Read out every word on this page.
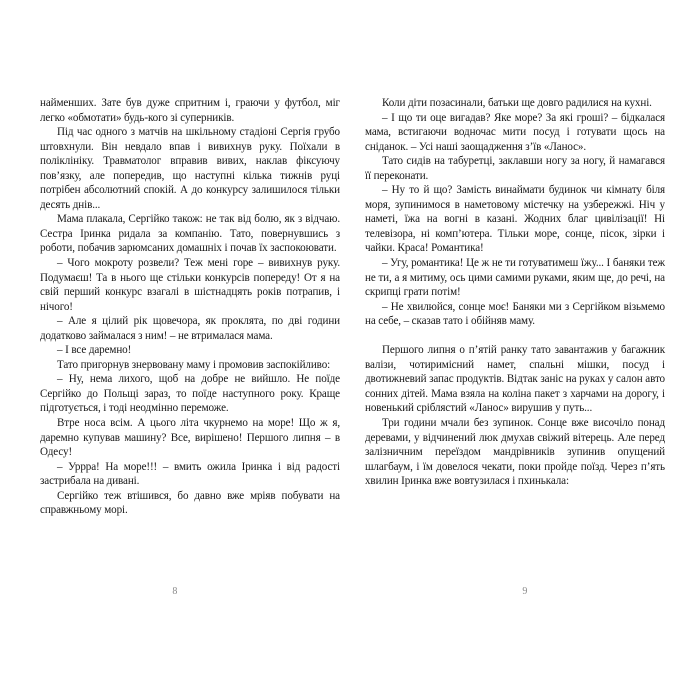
найменших. Зате був дуже спритним і, граючи у футбол, міг легко «обмотати» будь-кого зі суперників.

Під час одного з матчів на шкільному стадіоні Сергія грубо штовхнули. Він невдало впав і вивихнув руку. Поїхали в поліклініку. Травматолог вправив вивих, наклав фіксуючу пов’язку, але попередив, що наступні кілька тижнів руці потрібен абсолютний спокій. А до конкурсу залишилося тільки десять днів...

Мама плакала, Сергійко також: не так від болю, як з відчаю. Сестра Іринка ридала за компанію. Тато, повернувшись з роботи, побачив зарюмсаних домашніх і почав їх заспокоювати.

– Чого мокроту розвели? Теж мені горе – вивихнув руку. Подумаєш! Та в нього ще стільки конкурсів попереду! От я на свій перший конкурс взагалі в шістнадцять років потрапив, і нічого!

– Але я цілий рік щовечора, як проклята, по дві години додатково займалася з ним! – не втрималася мама.

– І все даремно!

Тато пригорнув знервовану маму і промовив заспокійливо:

– Ну, нема лихого, щоб на добре не вийшло. Не поїде Сергійко до Польщі зараз, то поїде наступного року. Краще підготується, і тоді неодмінно переможе.

Втре носа всім. А цього літа чкурнемо на море! Що ж я, даремно купував машину? Все, вирішено! Першого липня – в Одесу!

– Урррa! На море!!! – вмить ожила Іринка і від радості застрибала на дивані.

Сергійко теж втішився, бо давно вже мріяв побувати на справжньому морі.

8

Коли діти позасинали, батьки ще довго радилися на кухні.

– І що ти оце вигадав? Яке море? За які гроші? – бідкалася мама, встигаючи водночас мити посуд і готувати щось на сніданок. – Усі наші заощадження з’їв «Ланос».

Тато сидів на табуретці, заклавши ногу за ногу, й намагався її переконати.

– Ну то й що? Замість винаймати будинок чи кімнату біля моря, зупинимося в наметовому містечку на узбережжі. Ніч у наметі, їжа на вогні в казані. Жодних благ цивілізації! Ні телевізора, ні комп’ютера. Тільки море, сонце, пісок, зірки і чайки. Краса! Романтика!

– Угу, романтика! Це ж не ти готуватимеш їжу... І баняки теж не ти, а я митиму, ось цими самими руками, яким ще, до речі, на скрипці грати потім!

– Не хвилюйся, сонце моє! Баняки ми з Сергійком візьмемо на себе, – сказав тато і обійняв маму.

Першого липня о п’ятій ранку тато завантажив у багажник валізи, чотиримісний намет, спальні мішки, посуд і двотижневий запас продуктів. Відтак заніс на руках у салон авто сонних дітей. Мама взяла на коліна пакет з харчами на дорогу, і новенький сріблястий «Ланос» вирушив у путь...

Три години мчали без зупинок. Сонце вже височіло понад деревами, у відчинений люк дмухав свіжий вітерець. Але перед залізничним переїздом мандрівників зупинив опущений шлагбаум, і їм довелося чекати, поки пройде поїзд. Через п’ять хвилин Іринка вже вовтузилася і пхинькала:

9
